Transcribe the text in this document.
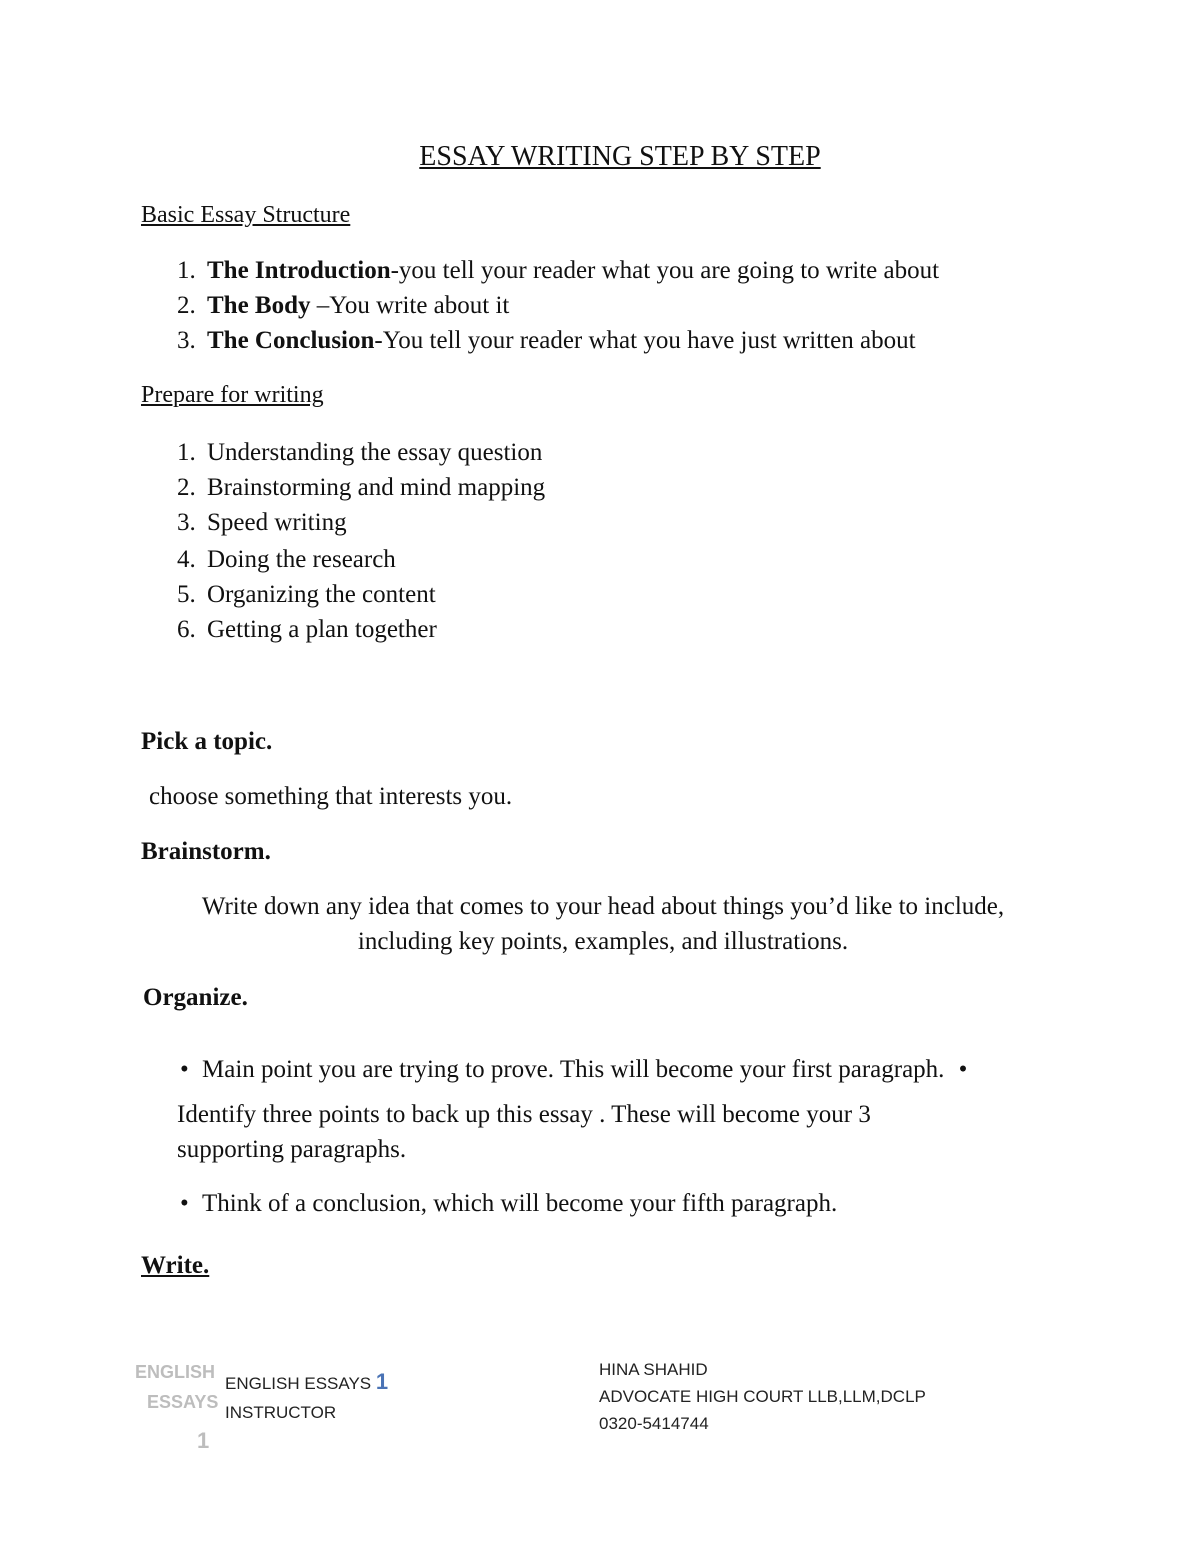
ESSAY WRITING STEP BY STEP
Basic Essay Structure
1. The Introduction-you tell your reader what you are going to write about
2. The Body –You write about it
3. The Conclusion-You tell your reader what you have just written about
Prepare for writing
1. Understanding the essay question
2. Brainstorming and mind mapping
3. Speed writing
4. Doing the research
5. Organizing the content
6. Getting a plan together
Pick a topic.
choose something that interests you.
Brainstorm.
Write down any idea that comes to your head about things you’d like to include,
including key points, examples, and illustrations.
Organize.
• Main point you are trying to prove. This will become your first paragraph. •
Identify three points to back up this essay . These will become your 3
supporting paragraphs.
• Think of a conclusion, which will become your fifth paragraph.
Write.
ENGLISH
ESSAYS
1
ENGLISH ESSAYS 1
INSTRUCTOR
HINA SHAHID
ADVOCATE HIGH COURT LLB,LLM,DCLP
0320-5414744
